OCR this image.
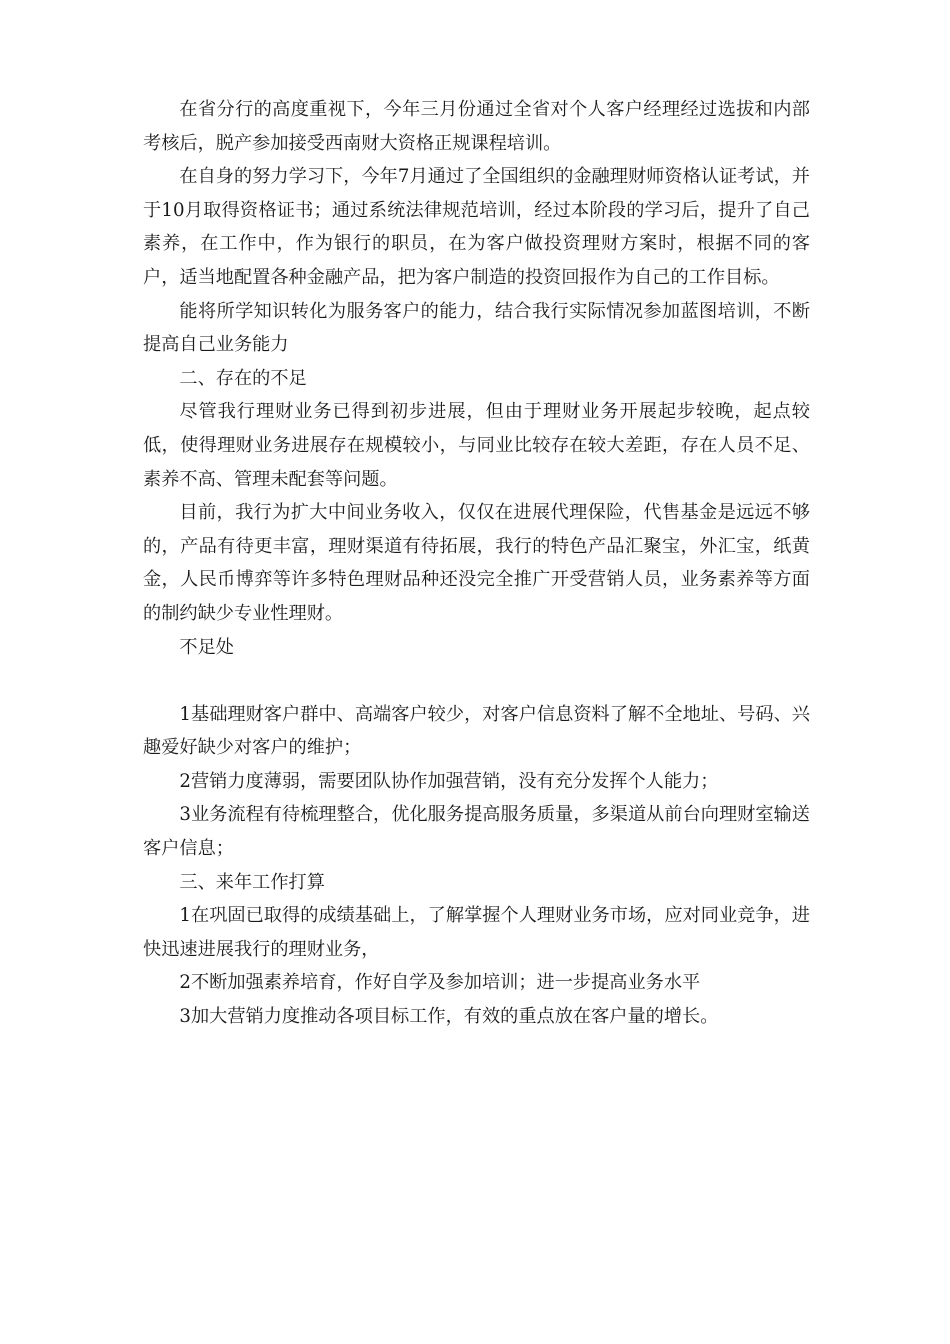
在省分行的高度重视下，今年三月份通过全省对个人客户经理经过选拔和内部考核后，脱产参加接受西南财大资格正规课程培训。

在自身的努力学习下，今年7月通过了全国组织的金融理财师资格认证考试，并于10月取得资格证书；通过系统法律规范培训，经过本阶段的学习后，提升了自己素养，在工作中，作为银行的职员，在为客户做投资理财方案时，根据不同的客户，适当地配置各种金融产品，把为客户制造的投资回报作为自己的工作目标。

能将所学知识转化为服务客户的能力，结合我行实际情况参加蓝图培训，不断提高自己业务能力

二、存在的不足

尽管我行理财业务已得到初步进展，但由于理财业务开展起步较晚，起点较低，使得理财业务进展存在规模较小，与同业比较存在较大差距，存在人员不足、素养不高、管理未配套等问题。

目前，我行为扩大中间业务收入，仅仅在进展代理保险，代售基金是远远不够的，产品有待更丰富，理财渠道有待拓展，我行的特色产品汇聚宝，外汇宝，纸黄金，人民币博弈等许多特色理财品种还没完全推广开受营销人员，业务素养等方面的制约缺少专业性理财。

不足处

1基础理财客户群中、高端客户较少，对客户信息资料了解不全地址、号码、兴趣爱好缺少对客户的维护；

2营销力度薄弱，需要团队协作加强营销，没有充分发挥个人能力；

3业务流程有待梳理整合，优化服务提高服务质量，多渠道从前台向理财室输送客户信息；

三、来年工作打算

1在巩固已取得的成绩基础上，了解掌握个人理财业务市场，应对同业竞争，进快迅速进展我行的理财业务，

2不断加强素养培育，作好自学及参加培训；进一步提高业务水平

3加大营销力度推动各项目标工作，有效的重点放在客户量的增长。
